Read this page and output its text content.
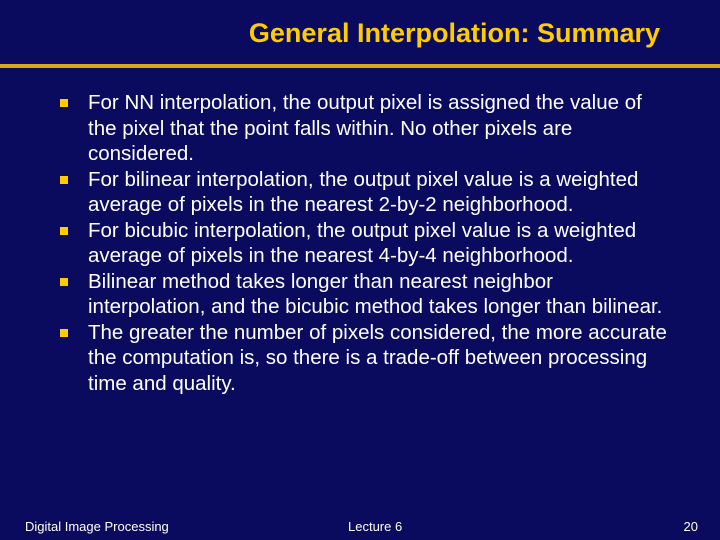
General Interpolation: Summary
For NN interpolation, the output pixel is assigned the value of the pixel that the point falls within. No other pixels are considered.
For bilinear interpolation, the output pixel value is a weighted average of pixels in the nearest 2-by-2 neighborhood.
For bicubic interpolation, the output pixel value is a weighted average of pixels in the nearest 4-by-4 neighborhood.
Bilinear method takes longer than nearest neighbor interpolation, and the bicubic method takes longer than bilinear.
The greater the number of pixels considered, the more accurate the computation is, so there is a trade-off between processing time and quality.
Digital Image Processing	Lecture 6	20
